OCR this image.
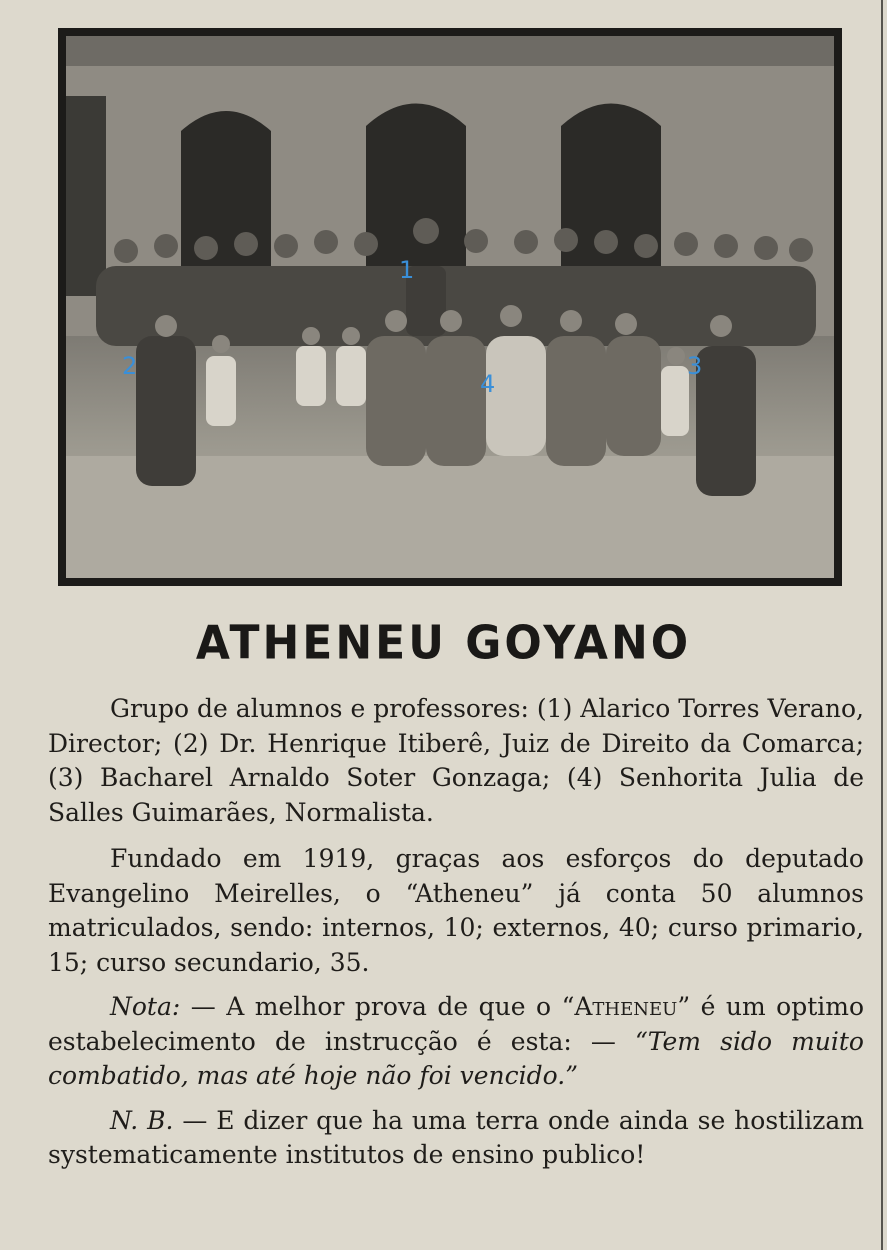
1
2	3
4
ATHENEU GOYANO

Grupo de alumnos e professores: (1) Alarico Torres Verano, Director; (2) Dr. Henrique Itiberê, Juiz de Direito da Comarca; (3) Bacharel Arnaldo Soter Gonzaga; (4) Senhorita Julia de Salles Guimarães, Normalista.

Fundado em 1919, graças aos esforços do deputado Evangelino Meirelles, o “Atheneu” já conta 50 alumnos matriculados, sendo: internos, 10; externos, 40; curso primario, 15; curso secundario, 35.

Nota: — A melhor prova de que o “Atheneu” é um optimo estabelecimento de instrucção é esta: — “Tem sido muito combatido, mas até hoje não foi vencido.”

N. B. — E dizer que ha uma terra onde ainda se hostilizam systematicamente institutos de ensino publico!
